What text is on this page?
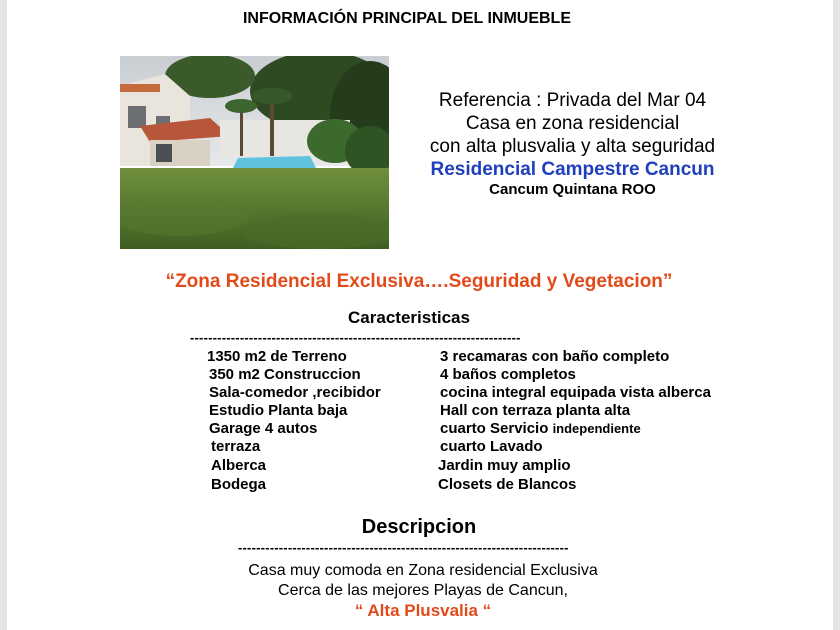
INFORMACIÓN PRINCIPAL DEL INMUEBLE
Referencia : Privada del Mar 04
Casa en zona residencial
con alta plusvalia y alta seguridad
Residencial Campestre Cancun
Cancum Quintana ROO
“Zona Residencial Exclusiva….Seguridad y Vegetacion”
Caracteristicas
-------------------------------------------------------------------------
1350 m2 de Terreno
350 m2 Construccion
Sala-comedor ,recibidor
Estudio Planta baja
Garage 4 autos
terraza
Alberca
Bodega
3 recamaras con baño completo
4 baños completos
cocina integral equipada vista alberca
Hall con terraza planta alta
cuarto Servicio independiente
cuarto Lavado
Jardin muy amplio
Closets de Blancos
Descripcion
-------------------------------------------------------------------------
Casa muy comoda en Zona residencial Exclusiva
Cerca de las mejores Playas de Cancun,
“ Alta Plusvalia “
